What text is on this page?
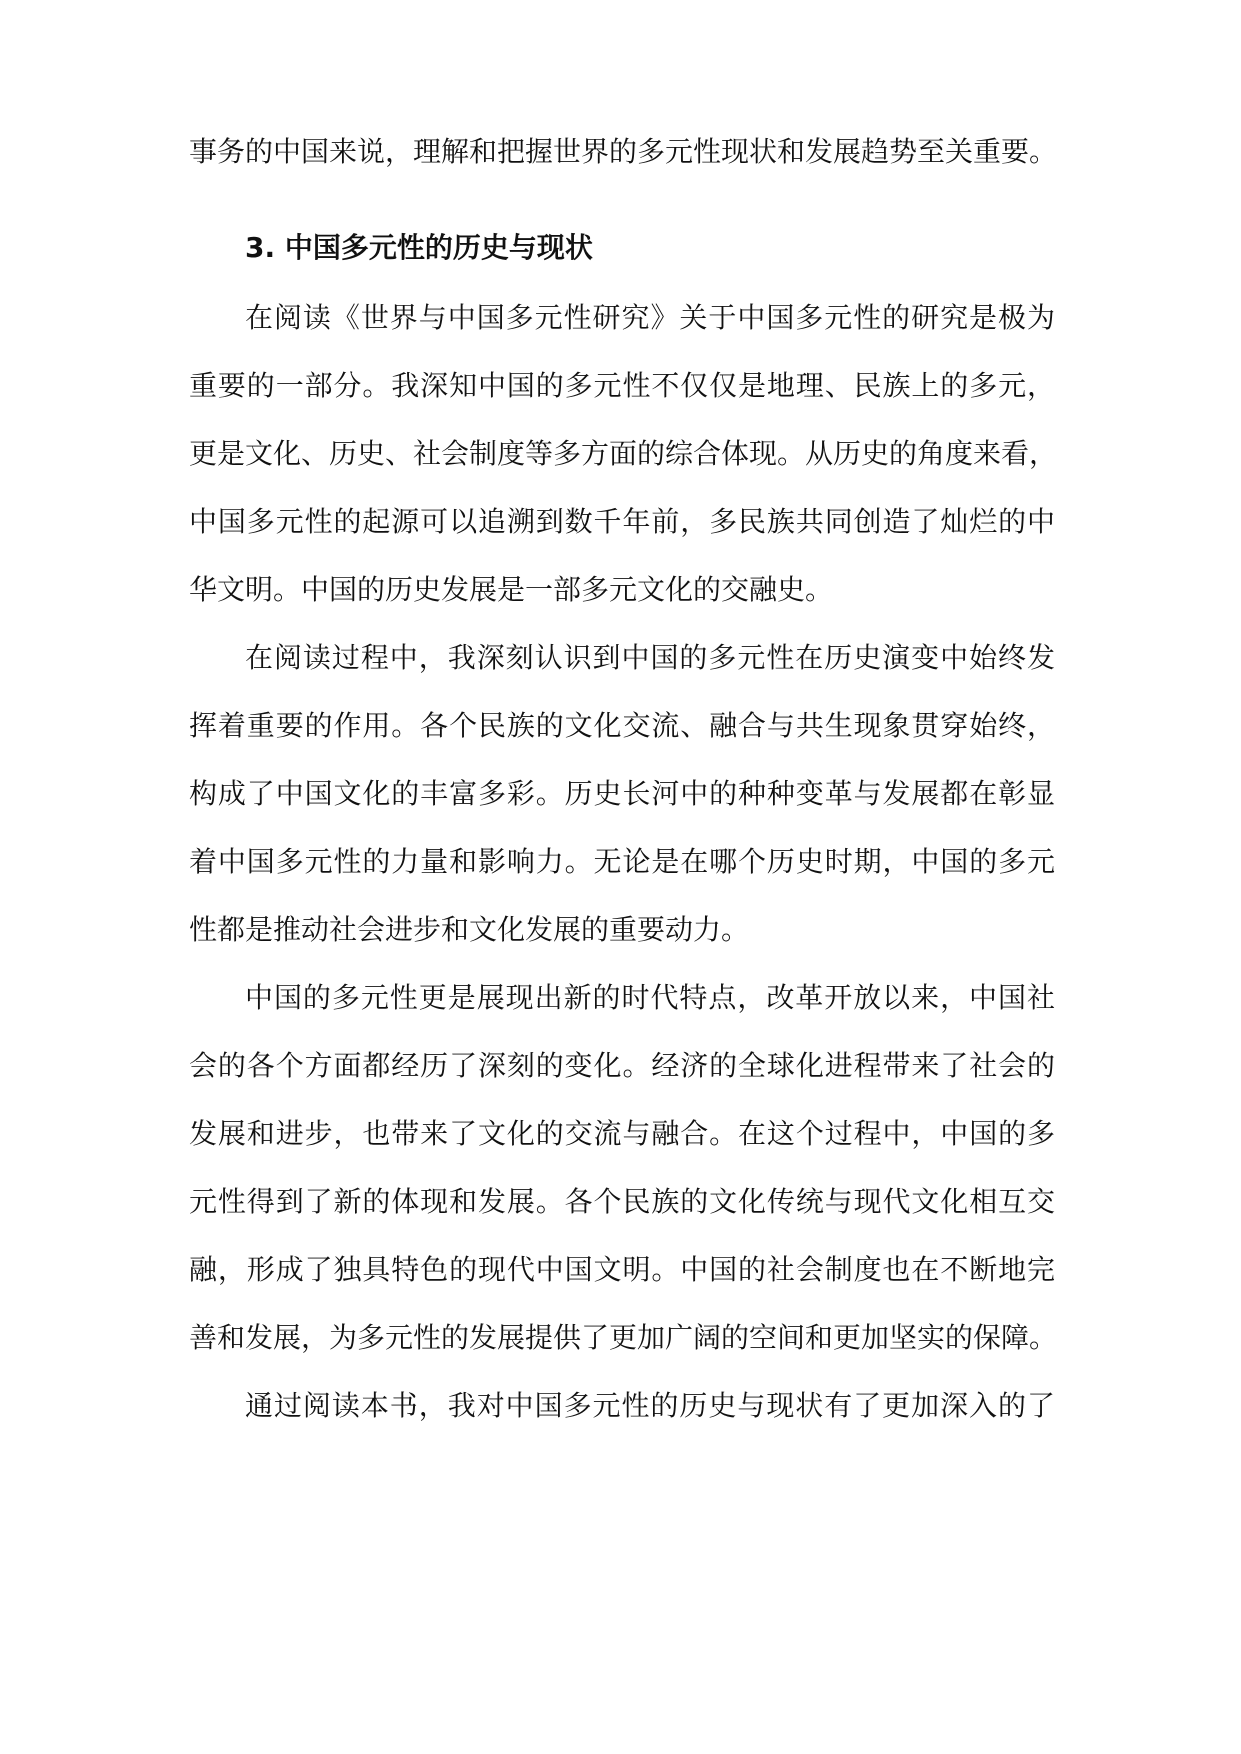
事务的中国来说，理解和把握世界的多元性现状和发展趋势至关重要。
3. 中国多元性的历史与现状
在阅读《世界与中国多元性研究》关于中国多元性的研究是极为
重要的一部分。我深知中国的多元性不仅仅是地理、民族上的多元，
更是文化、历史、社会制度等多方面的综合体现。从历史的角度来看，
中国多元性的起源可以追溯到数千年前，多民族共同创造了灿烂的中
华文明。中国的历史发展是一部多元文化的交融史。
在阅读过程中，我深刻认识到中国的多元性在历史演变中始终发
挥着重要的作用。各个民族的文化交流、融合与共生现象贯穿始终，
构成了中国文化的丰富多彩。历史长河中的种种变革与发展都在彰显
着中国多元性的力量和影响力。无论是在哪个历史时期，中国的多元
性都是推动社会进步和文化发展的重要动力。
中国的多元性更是展现出新的时代特点，改革开放以来，中国社
会的各个方面都经历了深刻的变化。经济的全球化进程带来了社会的
发展和进步，也带来了文化的交流与融合。在这个过程中，中国的多
元性得到了新的体现和发展。各个民族的文化传统与现代文化相互交
融，形成了独具特色的现代中国文明。中国的社会制度也在不断地完
善和发展，为多元性的发展提供了更加广阔的空间和更加坚实的保障。
通过阅读本书，我对中国多元性的历史与现状有了更加深入的了
